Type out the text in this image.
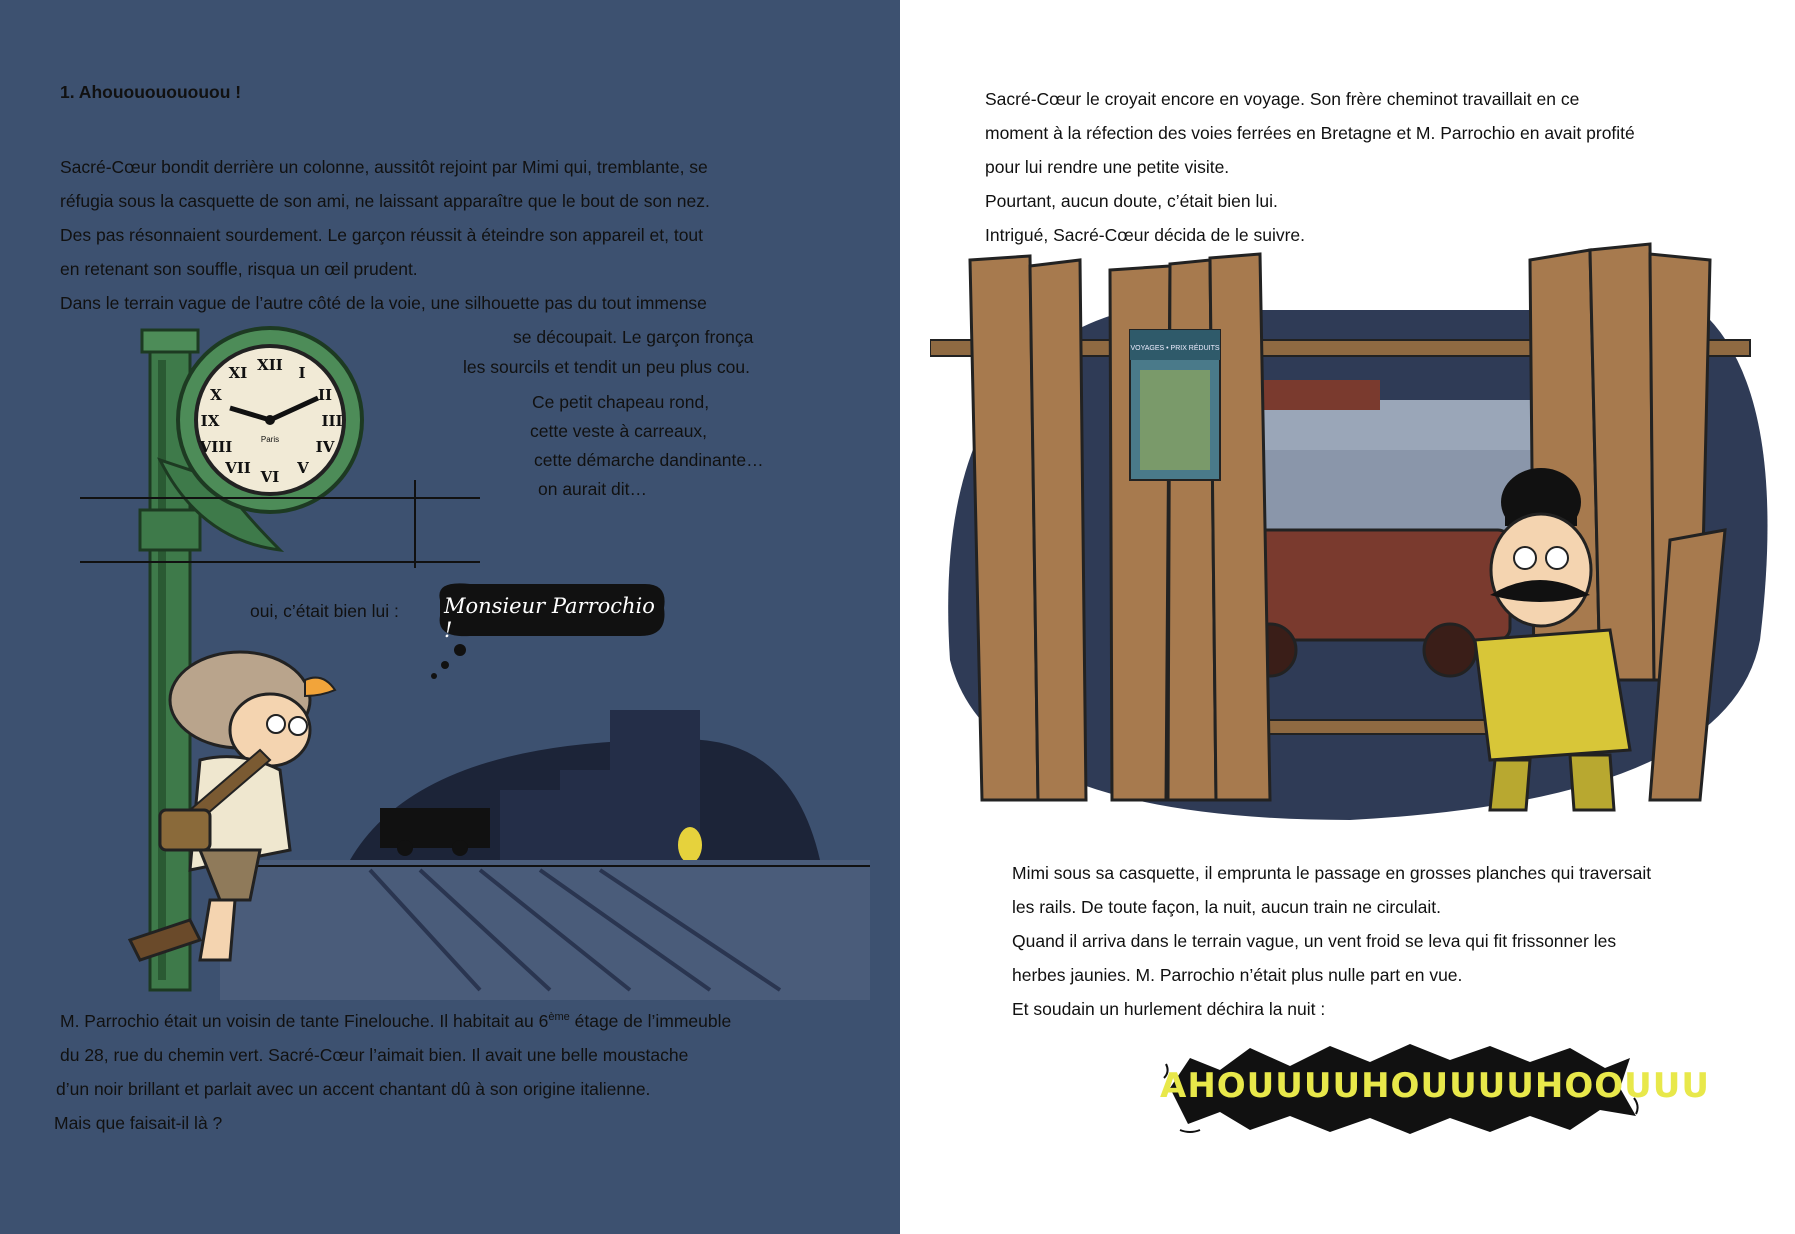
1. Ahouououououou !

Sacré-Cœur bondit derrière un colonne, aussitôt rejoint par Mimi qui, tremblante, se

réfugia sous la casquette de son ami, ne laissant apparaître que le bout de son nez.

Des pas résonnaient sourdement. Le garçon réussit à éteindre son appareil et, tout

en retenant son souffle, risqua un œil prudent.

Dans le terrain vague de l’autre côté de la voie, une silhouette pas du tout immense

se découpait. Le garçon fronça
les sourcils et tendit un peu plus cou.

Ce petit chapeau rond,

cette veste à carreaux,

cette démarche dandinante…

on aurait dit…

oui, c’était bien lui :
XII I
II
III
IV
V
VI
VII
VIII
IX
X
XI
Paris
Monsieur Parrochio !

M. Parrochio était un voisin de tante Finelouche. Il habitait au 6ème étage de l’immeuble

du 28, rue du chemin vert. Sacré-Cœur l’aimait bien. Il avait une belle moustache

d’un noir brillant et parlait avec un accent chantant dû à son origine italienne.

Mais que faisait-il là ?

Sacré-Cœur le croyait encore en voyage. Son frère cheminot travaillait en ce

moment à la réfection des voies ferrées en Bretagne et M. Parrochio en avait profité

pour lui rendre une petite visite.

Pourtant, aucun doute, c’était bien lui.

Intrigué, Sacré-Cœur décida de le suivre.

VOYAGES • PRIX RÉDUITS

Mimi sous sa casquette, il emprunta le passage en grosses planches qui traversait

les rails. De toute façon, la nuit, aucun train ne circulait.

Quand il arriva dans le terrain vague, un vent froid se leva qui fit frissonner les

herbes jaunies. M. Parrochio n’était plus nulle part en vue.

Et soudain un hurlement déchira la nuit :

AHOUUUUHOUUUUHOOUUU
